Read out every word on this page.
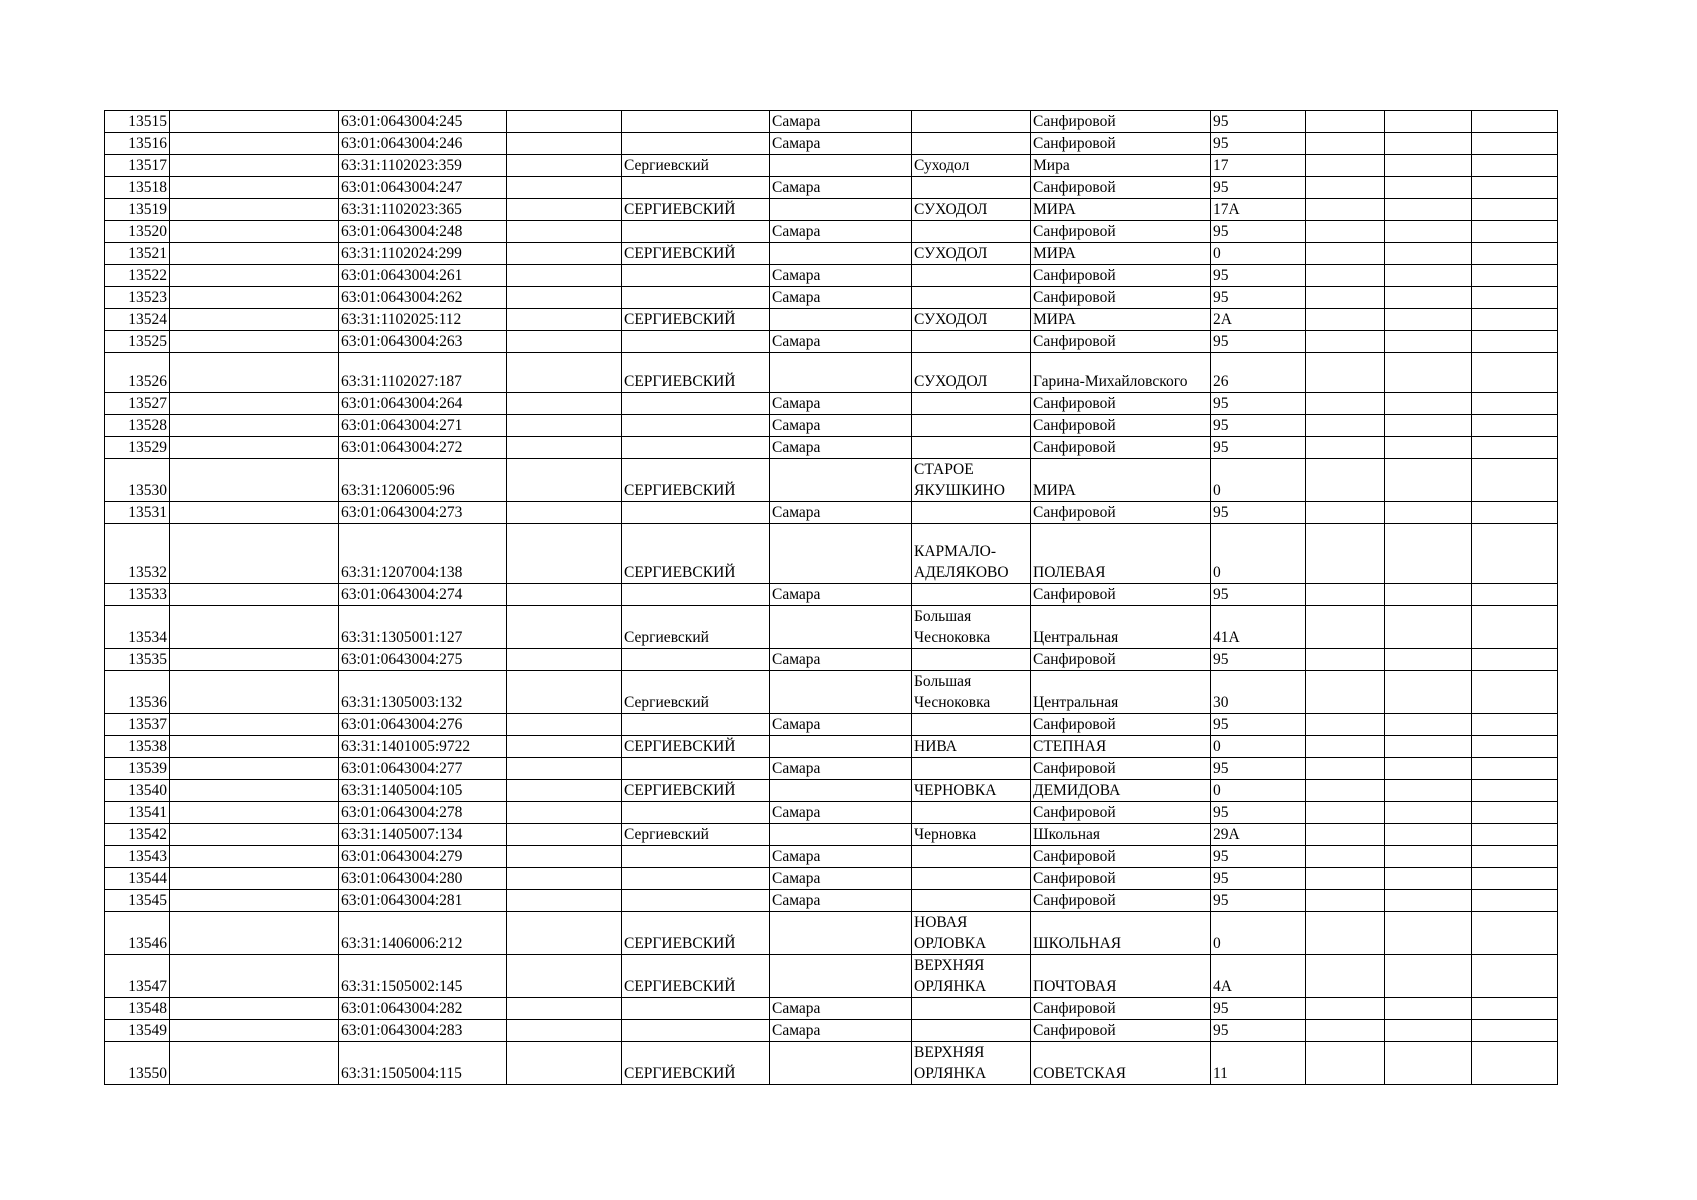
13515		63:01:0643004:245			Самара		Санфировой	95			
13516		63:01:0643004:246			Самара		Санфировой	95			
13517		63:31:1102023:359		Сергиевский		Суходол	Мира	17			
13518		63:01:0643004:247			Самара		Санфировой	95			
13519		63:31:1102023:365		СЕРГИЕВСКИЙ		СУХОДОЛ	МИРА	17А			
13520		63:01:0643004:248			Самара		Санфировой	95			
13521		63:31:1102024:299		СЕРГИЕВСКИЙ		СУХОДОЛ	МИРА	0			
13522		63:01:0643004:261			Самара		Санфировой	95			
13523		63:01:0643004:262			Самара		Санфировой	95			
13524		63:31:1102025:112		СЕРГИЕВСКИЙ		СУХОДОЛ	МИРА	2А			
13525		63:01:0643004:263			Самара		Санфировой	95			
13526		63:31:1102027:187		СЕРГИЕВСКИЙ		СУХОДОЛ	Гарина-Михайловского	26			
13527		63:01:0643004:264			Самара		Санфировой	95			
13528		63:01:0643004:271			Самара		Санфировой	95			
13529		63:01:0643004:272			Самара		Санфировой	95			
13530		63:31:1206005:96		СЕРГИЕВСКИЙ		СТАРОЕ
ЯКУШКИНО	МИРА	0			
13531		63:01:0643004:273			Самара		Санфировой	95			
13532		63:31:1207004:138		СЕРГИЕВСКИЙ		КАРМАЛО-
АДЕЛЯКОВО	ПОЛЕВАЯ	0			
13533		63:01:0643004:274			Самара		Санфировой	95			
13534		63:31:1305001:127		Сергиевский		Большая
Чесноковка	Центральная	41А			
13535		63:01:0643004:275			Самара		Санфировой	95			
13536		63:31:1305003:132		Сергиевский		Большая
Чесноковка	Центральная	30			
13537		63:01:0643004:276			Самара		Санфировой	95			
13538		63:31:1401005:9722		СЕРГИЕВСКИЙ		НИВА	СТЕПНАЯ	0			
13539		63:01:0643004:277			Самара		Санфировой	95			
13540		63:31:1405004:105		СЕРГИЕВСКИЙ		ЧЕРНОВКА	ДЕМИДОВА	0			
13541		63:01:0643004:278			Самара		Санфировой	95			
13542		63:31:1405007:134		Сергиевский		Черновка	Школьная	29А			
13543		63:01:0643004:279			Самара		Санфировой	95			
13544		63:01:0643004:280			Самара		Санфировой	95			
13545		63:01:0643004:281			Самара		Санфировой	95			
13546		63:31:1406006:212		СЕРГИЕВСКИЙ		НОВАЯ
ОРЛОВКА	ШКОЛЬНАЯ	0			
13547		63:31:1505002:145		СЕРГИЕВСКИЙ		ВЕРХНЯЯ
ОРЛЯНКА	ПОЧТОВАЯ	4А			
13548		63:01:0643004:282			Самара		Санфировой	95			
13549		63:01:0643004:283			Самара		Санфировой	95			
13550		63:31:1505004:115		СЕРГИЕВСКИЙ		ВЕРХНЯЯ
ОРЛЯНКА	СОВЕТСКАЯ	11			
